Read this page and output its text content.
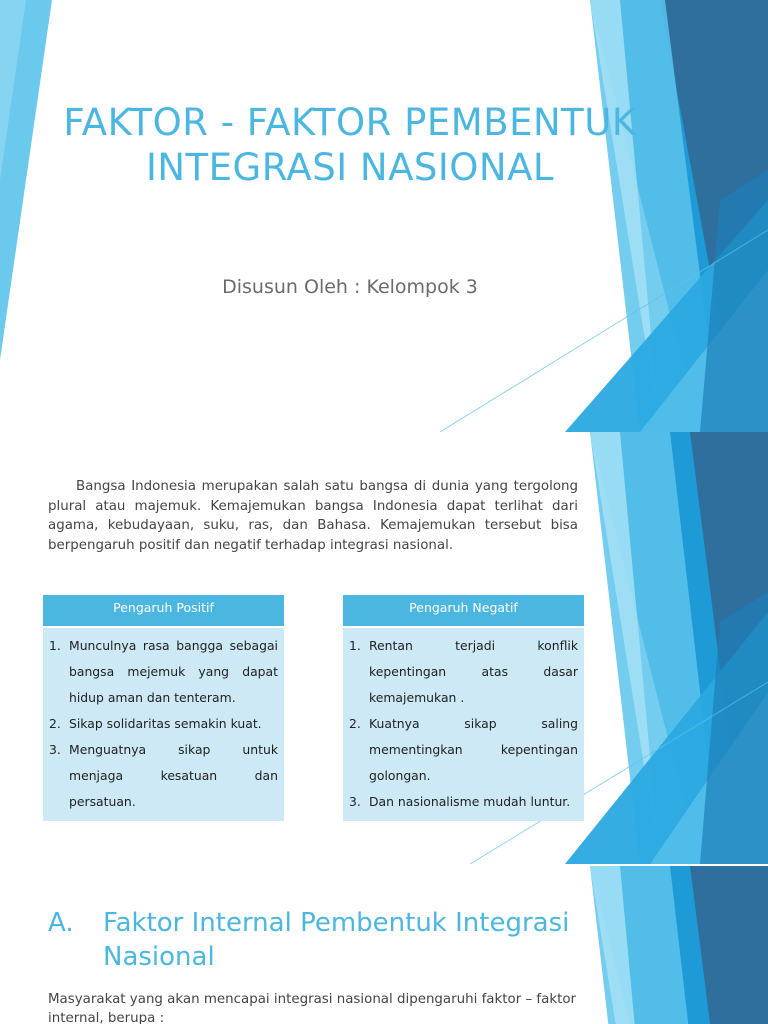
FAKTOR - FAKTOR PEMBENTUK INTEGRASI NASIONAL

Disusun Oleh : Kelompok 3

Bangsa Indonesia merupakan salah satu bangsa di dunia yang tergolong plural atau majemuk. Kemajemukan bangsa Indonesia dapat terlihat dari agama, kebudayaan, suku, ras, dan Bahasa. Kemajemukan tersebut bisa berpengaruh positif dan negatif terhadap integrasi nasional.

Pengaruh Positif
1. Munculnya rasa bangga sebagai bangsa mejemuk yang dapat hidup aman dan tenteram.
2. Sikap solidaritas semakin kuat.
3. Menguatnya sikap untuk menjaga kesatuan dan persatuan.
Pengaruh Negatif
1. Rentan terjadi konflik kepentingan atas dasar kemajemukan .
2. Kuatnya sikap saling mementingkan kepentingan golongan.
3. Dan nasionalisme mudah luntur.
A.	Faktor Internal Pembentuk Integrasi Nasional

Masyarakat yang akan mencapai integrasi nasional dipengaruhi faktor – faktor internal, berupa :
